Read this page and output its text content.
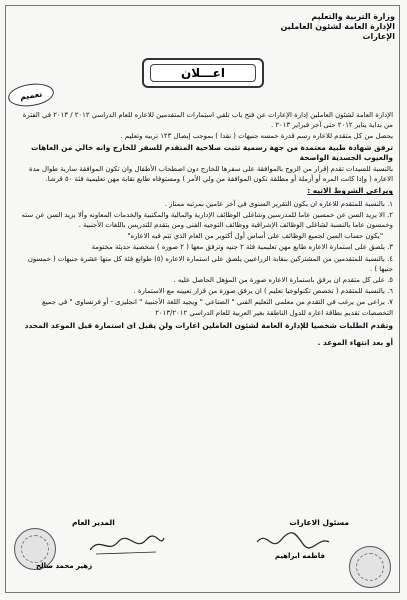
وزارة التربية والتعليم
الإدارة العامة لشئون العاملين
الإعارات
اعـــلان
تعميم

الإدارة العامة لشئون العاملين إدارة الإعارات عن فتح باب تلقي استمارات المتقدمين للاعاره للعام الدراسي ٢٠١٢ / ٢٠١٣ في الفترة من بداية يناير ٢٠١٢ حتى آخر فبراير ٢٠١٣ .

يحصل من كل متقدم للاعاره رسم قدرة خمسه جنيهات ( نقدا ) بموجب إيصال ١٢٣ تربيه وتعليم .

ترفق شهادة طبية معتمدة من جهة رسمية تثبت صلاحية المتقدم للسفر للخارج وانه خالي من العاهات والعيوب الجسدية الواضحة

بالنسبة للسيدات تقدم إقرار من الزوج بالموافقة على سفرها للخارج دون اصطحاب الأطفال وان تكون الموافقة سارية طوال مدة الاعاره ( وإذا كانت المره أو أرملة أو مطلقة تكون الموافقة من ولي الأمر ) ومستوفاه طابع نقابة مهن تعليمية فئة ٥٠ قرشا.

ويراعى الشروط الاتيه :

١. بالنسبة للمتقدم للاعاره ان يكون التقرير السنوى في آخر عامين بمرتبه ممتاز .

٢. الا يزيد السن عن خمسين عاما للمدرسين وشاغلى الوظائف الإدارية والمالية والمكتبية والخدمات المعاونه وألا يزيد السن عن سته وخمسون عاما بالنسبة لشاغلى الوظائف الإشرافية ووظائف التوجيه الفنى ومن يتقدم للتدريس باللغات الأجنبية .

"يكون حساب السن لجميع الوظائف على أساس أول أكتوبر من العام الذي تتم فيه الاعاره"

٣. يلصق على استمارة الاعاره طابع مهن تعليمية فئة ٢ جنيه وترفق معها ( ٢ صوره ) شخصية حديثة مختومة

٤. بالنسبة للمتقدمين من المشتركين بنقابة الزراعيين يلصق على استمارة الاعاره (٥) طوابع فئة كل منها عشرة جنيهات ( خمسون جنيها ) .

٥. على كل متقدم ان يرفق باستمارة الاعاره صورة من المؤهل الحاصل عليه .

٦. بالنسبة للمتقدم ( تخصص تكنولوجيا تعليم ) ان يرفق صورة من قرار تعيينه مع الاستمارة .

٧. يراعى من يرغب في التقدم من معلمى التعليم الفني " الصناعي " ويجيد اللغة الأجنبية " انجليزى - أو فرنساوى " في جميع التخصصات تقديم بطاقة اعاره للدول الناطقة بغير العربية للعام الدراسي ٢٠١٣/٢٠١٢

وتقدم الطلبات شخصيا للإدارة العامة لشئون العاملين اعارات ولن يقبل اى استمارة قبل الموعد المحدد

أو بعد انتهاء الموعد .

المدير العام
زهير محمد صالح
مسئول الاعارات
فاطمه ابراهيم
